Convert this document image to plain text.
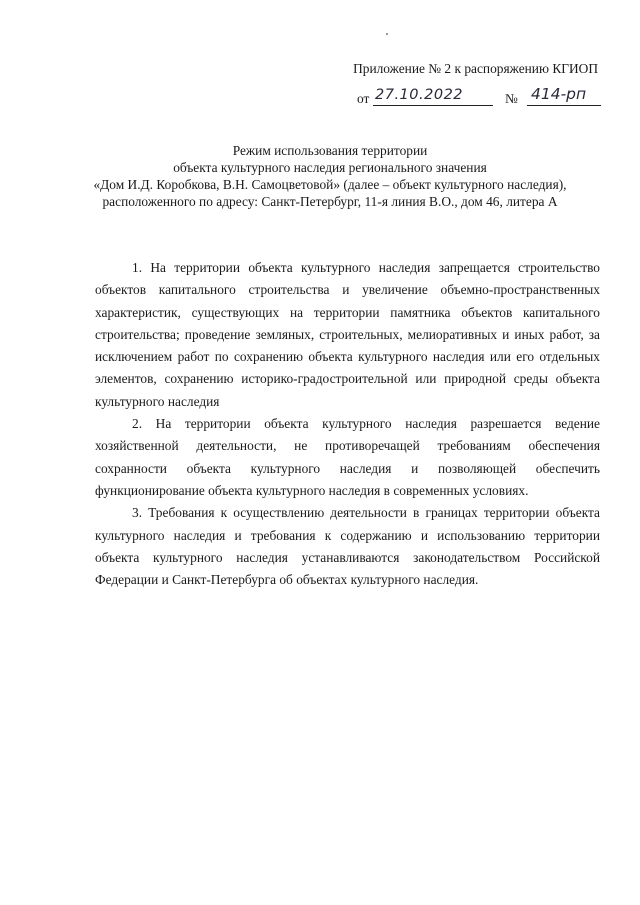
Приложение № 2 к распоряжению КГИОП
от 27.10.2022	№ 414-рп
Режим использования территории
объекта культурного наследия регионального значения
«Дом И.Д. Коробкова, В.Н. Самоцветовой» (далее – объект культурного наследия),
расположенного по адресу: Санкт-Петербург, 11-я линия В.О., дом 46, литера А

1. На территории объекта культурного наследия запрещается строительство объектов капитального строительства и увеличение объемно-пространственных характеристик, существующих на территории памятника объектов капитального строительства; проведение земляных, строительных, мелиоративных и иных работ, за исключением работ по сохранению объекта культурного наследия или его отдельных элементов, сохранению историко-градостроительной или природной среды объекта культурного наследия

2. На территории объекта культурного наследия разрешается ведение хозяйственной деятельности, не противоречащей требованиям обеспечения сохранности объекта культурного наследия и позволяющей обеспечить функционирование объекта культурного наследия в современных условиях.

3. Требования к осуществлению деятельности в границах территории объекта культурного наследия и требования к содержанию и использованию территории объекта культурного наследия устанавливаются законодательством Российской Федерации и Санкт-Петербурга об объектах культурного наследия.
